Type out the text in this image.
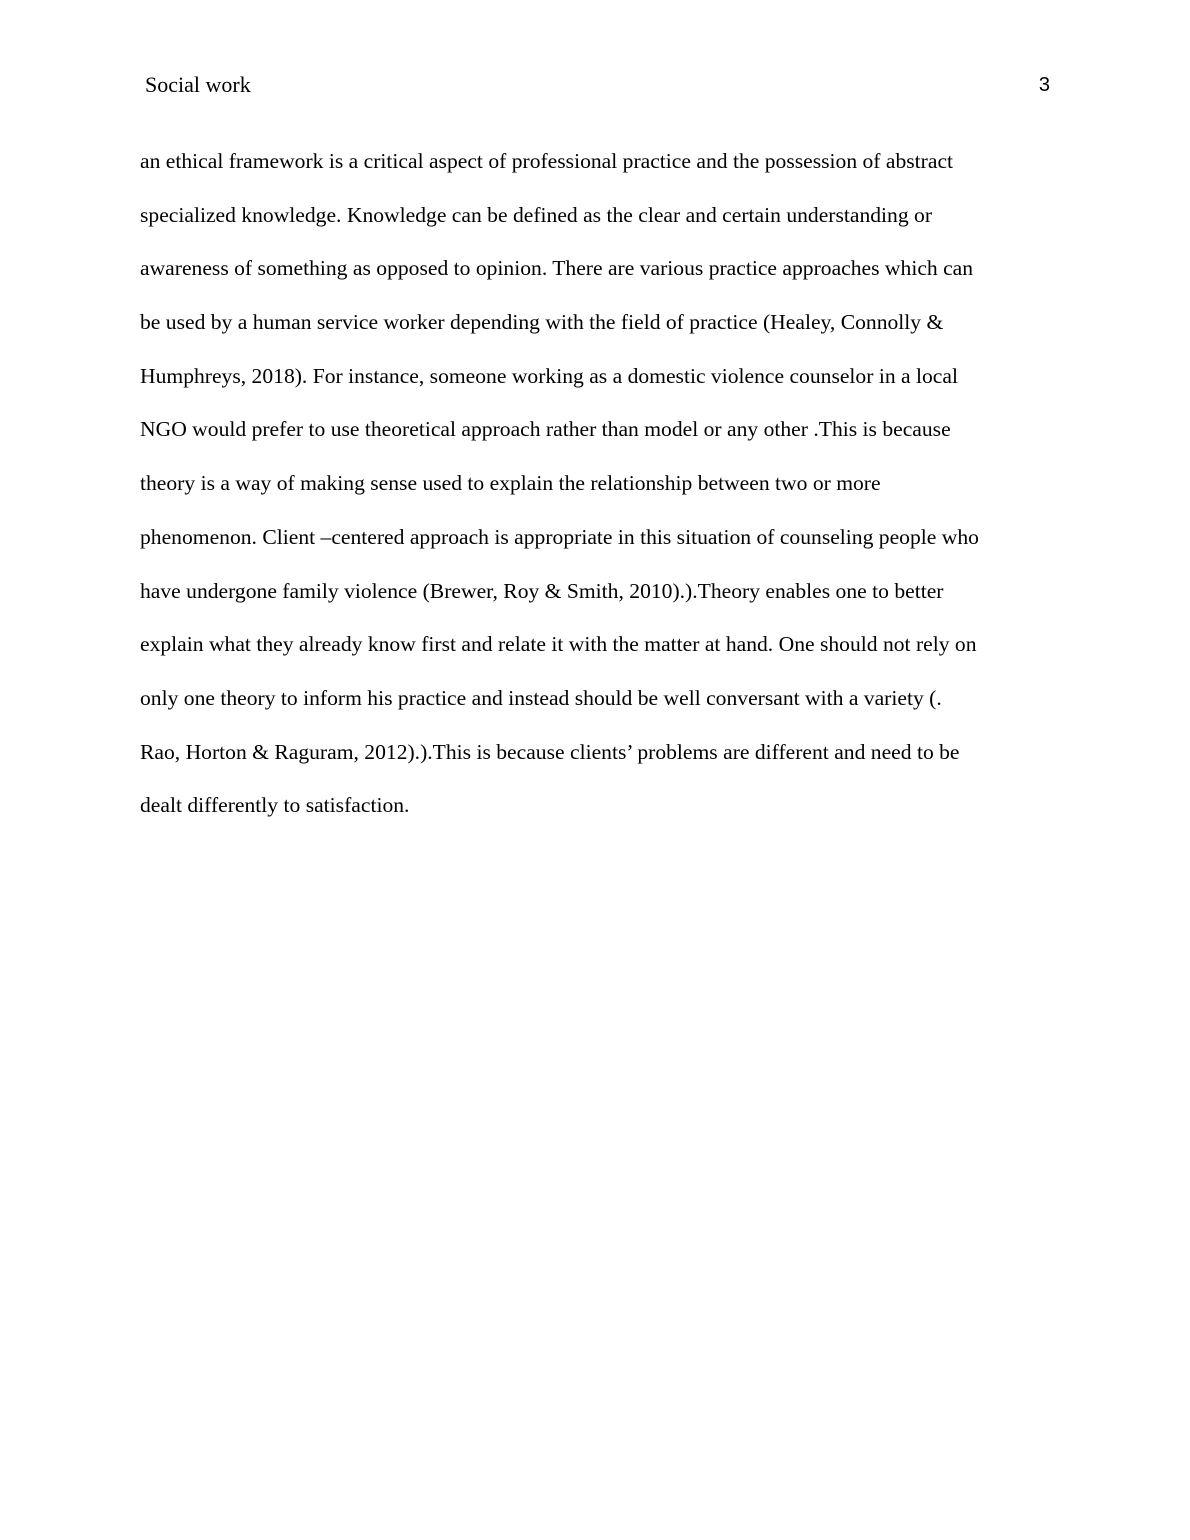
Social work	3
an ethical framework is a critical aspect of professional practice and the possession of abstract
specialized knowledge. Knowledge can be defined as the clear and certain understanding or
awareness of something as opposed to opinion. There are various practice approaches which can
be used by a human service worker depending with the field of practice (Healey, Connolly &
Humphreys, 2018). For instance, someone working as a domestic violence counselor in a local
NGO would prefer to use theoretical approach rather than model or any other .This is because
theory is a way of making sense used to explain the relationship between two or more
phenomenon. Client –centered approach is appropriate in this situation of counseling people who
have undergone family violence (Brewer, Roy & Smith, 2010).).Theory enables one to better
explain what they already know first and relate it with the matter at hand. One should not rely on
only one theory to inform his practice and instead should be well conversant with a variety (.
Rao, Horton & Raguram, 2012).).This is because clients’ problems are different and need to be
dealt differently to satisfaction.
